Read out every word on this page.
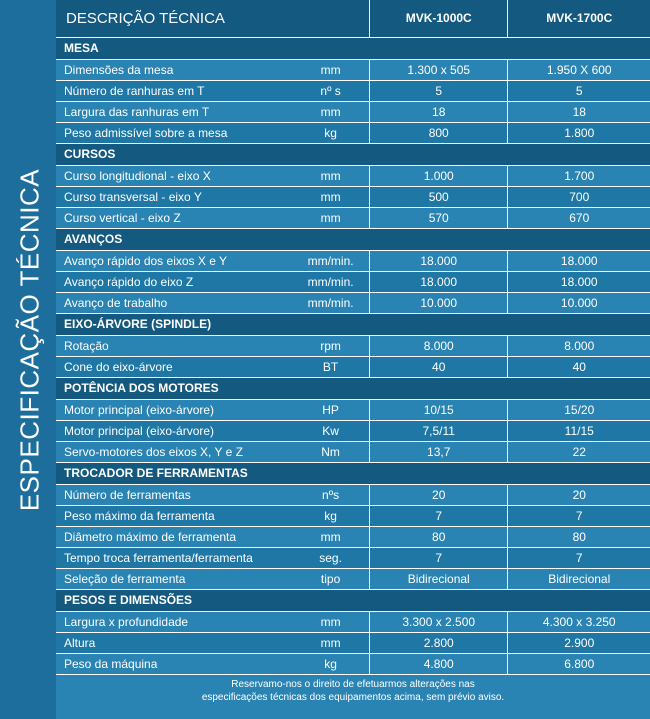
ESPECIFICAÇÃO TÉCNICA
DESCRIÇÃO TÉCNICA	MVK-1000C	MVK-1700C
MESA
Dimensões da mesa	mm	1.300 x 505	1.950 X 600
Número de ranhuras em T	nº s	5	5
Largura das ranhuras em T	mm	18	18
Peso admissível sobre a mesa	kg	800	1.800
CURSOS
Curso longitudional - eixo X	mm	1.000	1.700
Curso transversal - eixo Y	mm	500	700
Curso vertical - eixo Z	mm	570	670
AVANÇOS
Avanço rápido dos eixos X e Y	mm/min.	18.000	18.000
Avanço rápido do eixo Z	mm/min.	18.000	18.000
Avanço de trabalho	mm/min.	10.000	10.000
EIXO-ÁRVORE (SPINDLE)
Rotação	rpm	8.000	8.000
Cone do eixo-árvore	BT	40	40
POTÊNCIA DOS MOTORES
Motor principal (eixo-árvore)	HP	10/15	15/20
Motor principal (eixo-árvore)	Kw	7,5/11	11/15
Servo-motores dos eixos X, Y e Z	Nm	13,7	22
TROCADOR DE FERRAMENTAS
Número de ferramentas	nºs	20	20
Peso máximo da ferramenta	kg	7	7
Diâmetro máximo de ferramenta	mm	80	80
Tempo troca ferramenta/ferramenta	seg.	7	7
Seleção de ferramenta	tipo	Bidirecional	Bidirecional
PESOS E DIMENSÕES
Largura x profundidade	mm	3.300 x 2.500	4.300 x 3.250
Altura	mm	2.800	2.900
Peso da máquina	kg	4.800	6.800
Reservamo-nos o direito de efetuarmos alterações nas
especificações técnicas dos equipamentos acima, sem prévio aviso.
